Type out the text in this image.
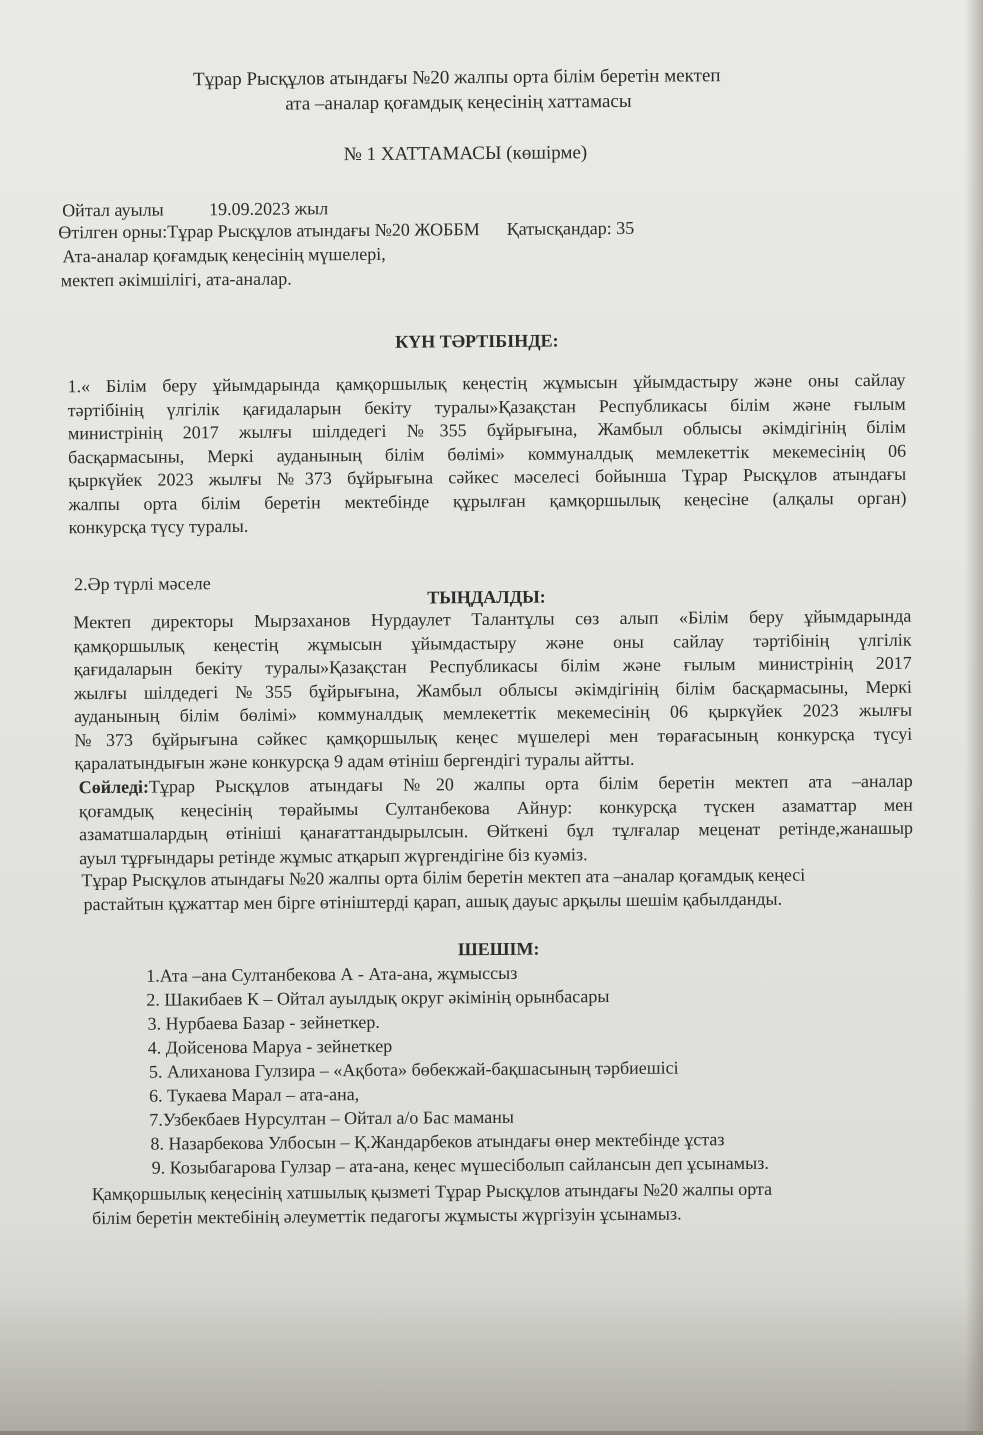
Тұрар Рысқұлов атындағы №20 жалпы орта білім беретін мектеп
ата –аналар қоғамдық кеңесінің хаттамасы
№ 1 ХАТТАМАСЫ (көшірме)
Ойтал ауылы	19.09.2023 жыл
Өтілген орны:Тұрар Рысқұлов атындағы №20 ЖОББМ Қатысқандар: 35
Ата-аналар қоғамдық кеңесінің мүшелері,
мектеп әкімшілігі, ата-аналар.
КҮН ТӘРТІБІНДЕ:
1.« Білім беру ұйымдарында қамқоршылық кеңестің жұмысын ұйымдастыру және оны сайлау
тәртібінің үлгілік қағидаларын бекіту туралы»Қазақстан Республикасы білім және ғылым
министрінің 2017 жылғы шілдедегі №355 бұйрығына, Жамбыл облысы әкімдігінің білім
басқармасыны, Меркі ауданының білім бөлімі» коммуналдық мемлекеттік мекемесінің 06
қыркүйек 2023 жылғы №373 бұйрығына сәйкес мәселесі бойынша Тұрар Рысқұлов атындағы
жалпы орта білім беретін мектебінде құрылған қамқоршылық кеңесіне (алқалы орган)
конкурсқа түсу туралы.
2.Әр түрлі мәселе
ТЫҢДАЛДЫ:
Мектеп директоры Мырзаханов Нурдаулет Талантұлы сөз алып «Білім беру ұйымдарында
қамқоршылық кеңестің жұмысын ұйымдастыру және оны сайлау тәртібінің үлгілік
қағидаларын бекіту туралы»Қазақстан Республикасы білім және ғылым министрінің 2017
жылғы шілдедегі №355 бұйрығына, Жамбыл облысы әкімдігінің білім басқармасыны, Меркі
ауданының білім бөлімі» коммуналдық мемлекеттік мекемесінің 06 қыркүйек 2023 жылғы
№373 бұйрығына сәйкес қамқоршылық кеңес мүшелері мен төрағасының конкурсқа түсуі
қаралатындығын және конкурсқа 9 адам өтініш бергендігі туралы айтты.
Сөйледі:Тұрар Рысқұлов атындағы №20 жалпы орта білім беретін мектеп ата –аналар
қоғамдық кеңесінің төрайымы Султанбекова Айнур: конкурсқа түскен азаматтар мен
азаматшалардың өтініші қанағаттандырылсын. Өйткені бұл тұлғалар меценат ретінде,жанашыр
ауыл тұрғындары ретінде жұмыс атқарып жүргендігіне біз куәміз.
Тұрар Рысқұлов атындағы №20 жалпы орта білім беретін мектеп ата –аналар қоғамдық кеңесі
растайтын құжаттар мен бірге өтініштерді қарап, ашық дауыс арқылы шешім қабылданды.
ШЕШІМ:
1.Ата –ана Султанбекова А - Ата-ана, жұмыссыз
2. Шакибаев К – Ойтал ауылдық округ әкімінің орынбасары
3. Нурбаева Базар - зейнеткер.
4. Дойсенова Маруа - зейнеткер
5. Алиханова Гулзира – «Ақбота» бөбекжай-бақшасының тәрбиешісі
6. Тукаева Марал – ата-ана,
7.Узбекбаев Нурсултан – Ойтал а/о Бас маманы
8. Назарбекова Улбосын – Қ.Жандарбеков атындағы өнер мектебінде ұстаз
9. Козыбагарова Гулзар – ата-ана, кеңес мүшесіболып сайлансын деп ұсынамыз.
Қамқоршылық кеңесінің хатшылық қызметі Тұрар Рысқұлов атындағы №20 жалпы орта
білім беретін мектебінің әлеуметтік педагогы жұмысты жүргізуін ұсынамыз.
